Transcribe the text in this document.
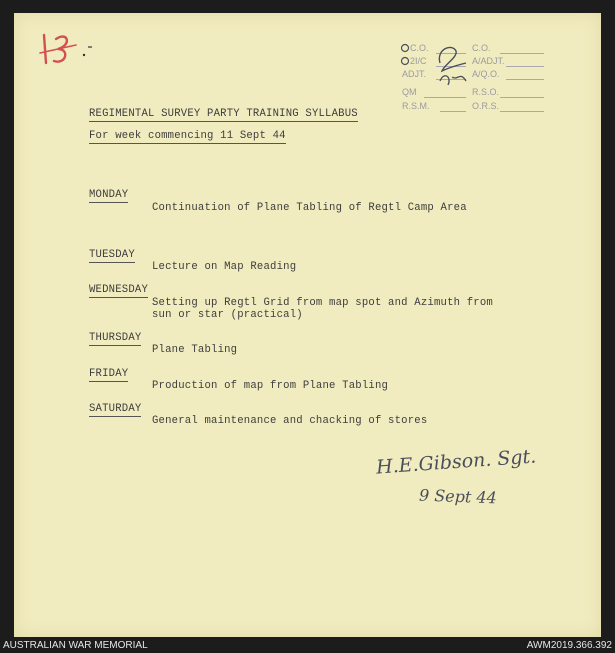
C.O.
2I/C
ADJT.
QM
R.S.M.
C.O.
A/ADJT.
A/Q.O.
R.S.O.
O.R.S.
REGIMENTAL SURVEY PARTY TRAINING SYLLABUS
For week commencing 11 Sept 44
MONDAY
Continuation of Plane Tabling of Regtl Camp Area
TUESDAY
Lecture on Map Reading
WEDNESDAY
Setting up Regtl Grid from map spot and Azimuth from
sun or star (practical)
THURSDAY
Plane Tabling
FRIDAY
Production of map from Plane Tabling
SATURDAY
General maintenance and chacking of stores
H.E.Gibson. Sgt.
9 Sept 44
AUSTRALIAN WAR MEMORIAL	AWM2019.366.392
